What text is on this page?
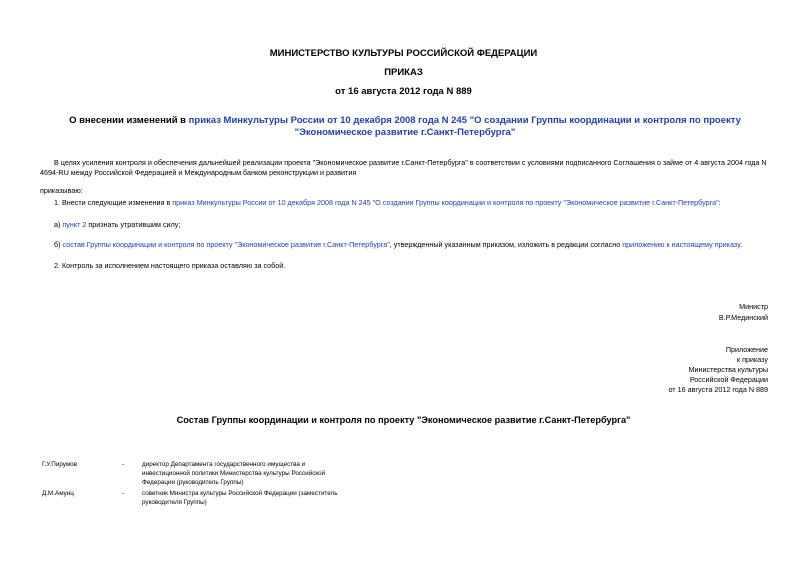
МИНИСТЕРСТВО КУЛЬТУРЫ РОССИЙСКОЙ ФЕДЕРАЦИИ
ПРИКАЗ
от 16 августа 2012 года N 889
О внесении изменений в приказ Минкультуры России от 10 декабря 2008 года N 245 "О создании Группы координации и контроля по проекту "Экономическое развитие г.Санкт-Петербурга"
В целях усиления контроля и обеспечения дальнейшей реализации проекта "Экономическое развитие г.Санкт-Петербурга" в соответствии с условиями подписанного Соглашения о займе от 4 августа 2004 года N 4694-RU между Российской Федерацией и Международным банком реконструкции и развития
приказываю:
1. Внести следующие изменения в приказ Минкультуры России от 10 декабря 2008 года N 245 "О создании Группы координации и контроля по проекту "Экономическое развитие г.Санкт-Петербурга":
а) пункт 2 признать утратившим силу;
б) состав Группы координации и контроля по проекту "Экономическое развитие г.Санкт-Петербурга", утвержденный указанным приказом, изложить в редакции согласно приложению к настоящему приказу.
2. Контроль за исполнением настоящего приказа оставляю за собой.
Министр
В.Р.Мединский
Приложение
к приказу
Министерства культуры
Российской Федерации
от 16 августа 2012 года N 889
Состав Группы координации и контроля по проекту "Экономическое развитие г.Санкт-Петербурга"
Г.У.Пирумов	-	директор Департамента государственного имущества и инвестиционной политики Министерства культуры Российской Федерации (руководитель Группы)
Д.М.Амунц	-	советник Министра культуры Российской Федерации (заместитель руководителя Группы)
